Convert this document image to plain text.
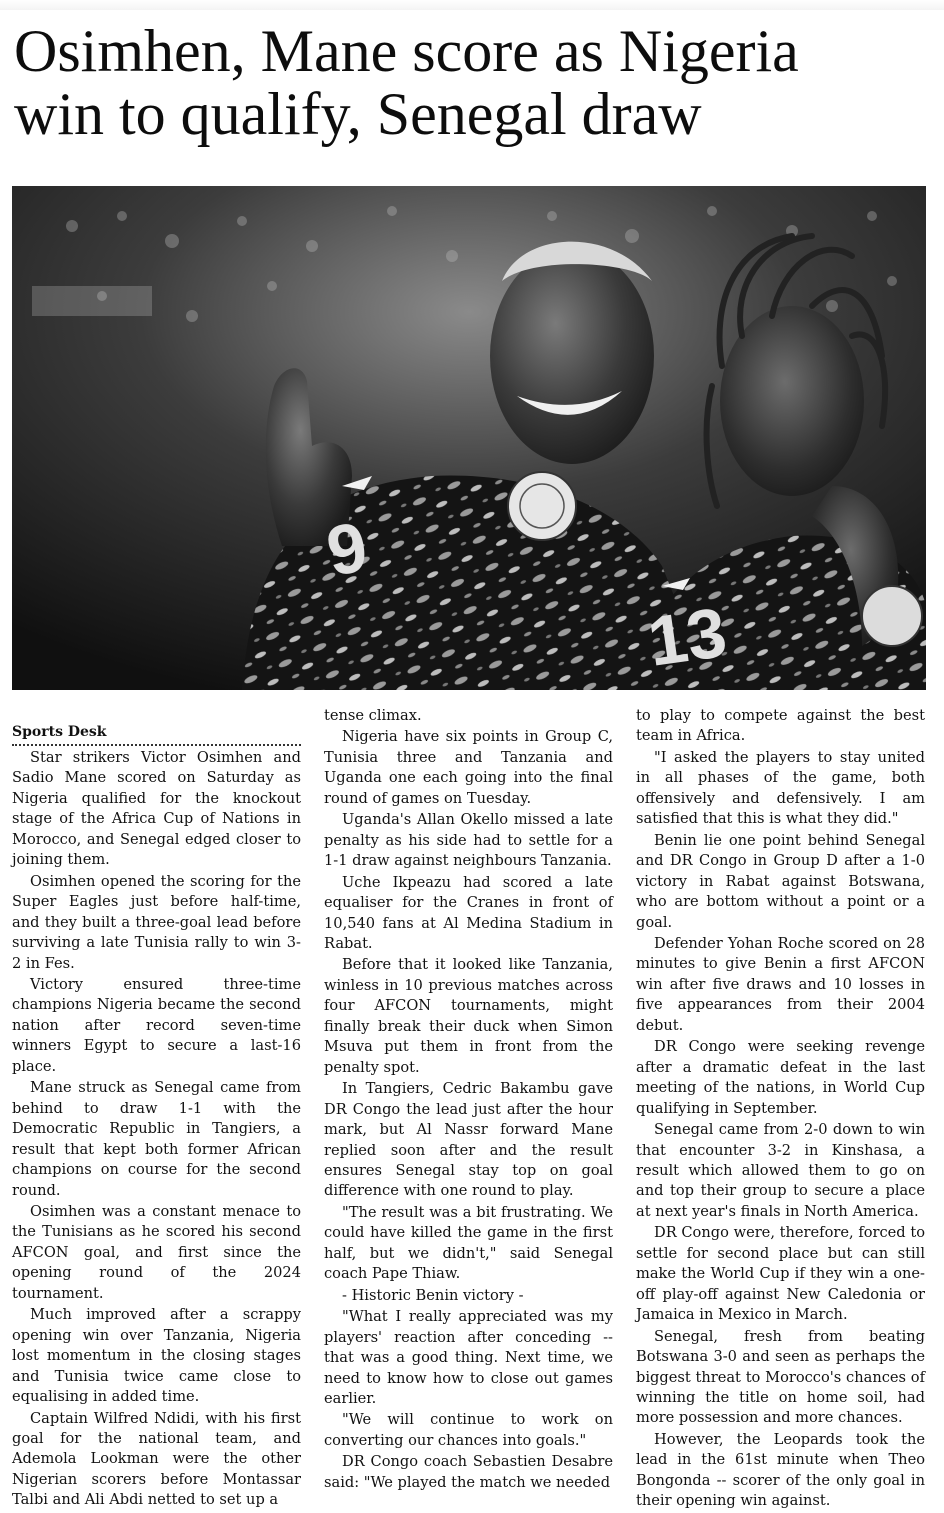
Osimhen, Mane score as Nigeria
win to qualify, Senegal draw
9
13
Sports Desk

Star strikers Victor Osimhen and Sadio Mane scored on Saturday as Nigeria qualified for the knockout stage of the Africa Cup of Nations in Morocco, and Senegal edged closer to joining them.

Osimhen opened the scoring for the Super Eagles just before half-time, and they built a three-goal lead before surviving a late Tunisia rally to win 3-2 in Fes.

Victory ensured three-time champions Nigeria became the second nation after record seven-time winners Egypt to secure a last-16 place.

Mane struck as Senegal came from behind to draw 1-1 with the Democratic Republic in Tangiers, a result that kept both former African champions on course for the second round.

Osimhen was a constant menace to the Tunisians as he scored his second AFCON goal, and first since the opening round of the 2024 tournament.

Much improved after a scrappy opening win over Tanzania, Nigeria lost momentum in the closing stages and Tunisia twice came close to equalising in added time.

Captain Wilfred Ndidi, with his first goal for the national team, and Ademola Lookman were the other Nigerian scorers before Montassar Talbi and Ali Abdi netted to set up a

tense climax.

Nigeria have six points in Group C, Tunisia three and Tanzania and Uganda one each going into the final round of games on Tuesday.

Uganda's Allan Okello missed a late penalty as his side had to settle for a 1-1 draw against neighbours Tanzania.

Uche Ikpeazu had scored a late equaliser for the Cranes in front of 10,540 fans at Al Medina Stadium in Rabat.

Before that it looked like Tanzania, winless in 10 previous matches across four AFCON tournaments, might finally break their duck when Simon Msuva put them in front from the penalty spot.

In Tangiers, Cedric Bakambu gave DR Congo the lead just after the hour mark, but Al Nassr forward Mane replied soon after and the result ensures Senegal stay top on goal difference with one round to play.

"The result was a bit frustrating. We could have killed the game in the first half, but we didn't," said Senegal coach Pape Thiaw.

- Historic Benin victory -

"What I really appreciated was my players' reaction after conceding -- that was a good thing. Next time, we need to know how to close out games earlier.

"We will continue to work on converting our chances into goals."

DR Congo coach Sebastien Desabre said: "We played the match we needed

to play to compete against the best team in Africa.

"I asked the players to stay united in all phases of the game, both offensively and defensively. I am satisfied that this is what they did."

Benin lie one point behind Senegal and DR Congo in Group D after a 1-0 victory in Rabat against Botswana, who are bottom without a point or a goal.

Defender Yohan Roche scored on 28 minutes to give Benin a first AFCON win after five draws and 10 losses in five appearances from their 2004 debut.

DR Congo were seeking revenge after a dramatic defeat in the last meeting of the nations, in World Cup qualifying in September.

Senegal came from 2-0 down to win that encounter 3-2 in Kinshasa, a result which allowed them to go on and top their group to secure a place at next year's finals in North America.

DR Congo were, therefore, forced to settle for second place but can still make the World Cup if they win a one-off play-off against New Caledonia or Jamaica in Mexico in March.

Senegal, fresh from beating Botswana 3-0 and seen as perhaps the biggest threat to Morocco's chances of winning the title on home soil, had more possession and more chances.

However, the Leopards took the lead in the 61st minute when Theo Bongonda -- scorer of the only goal in their opening win against.
